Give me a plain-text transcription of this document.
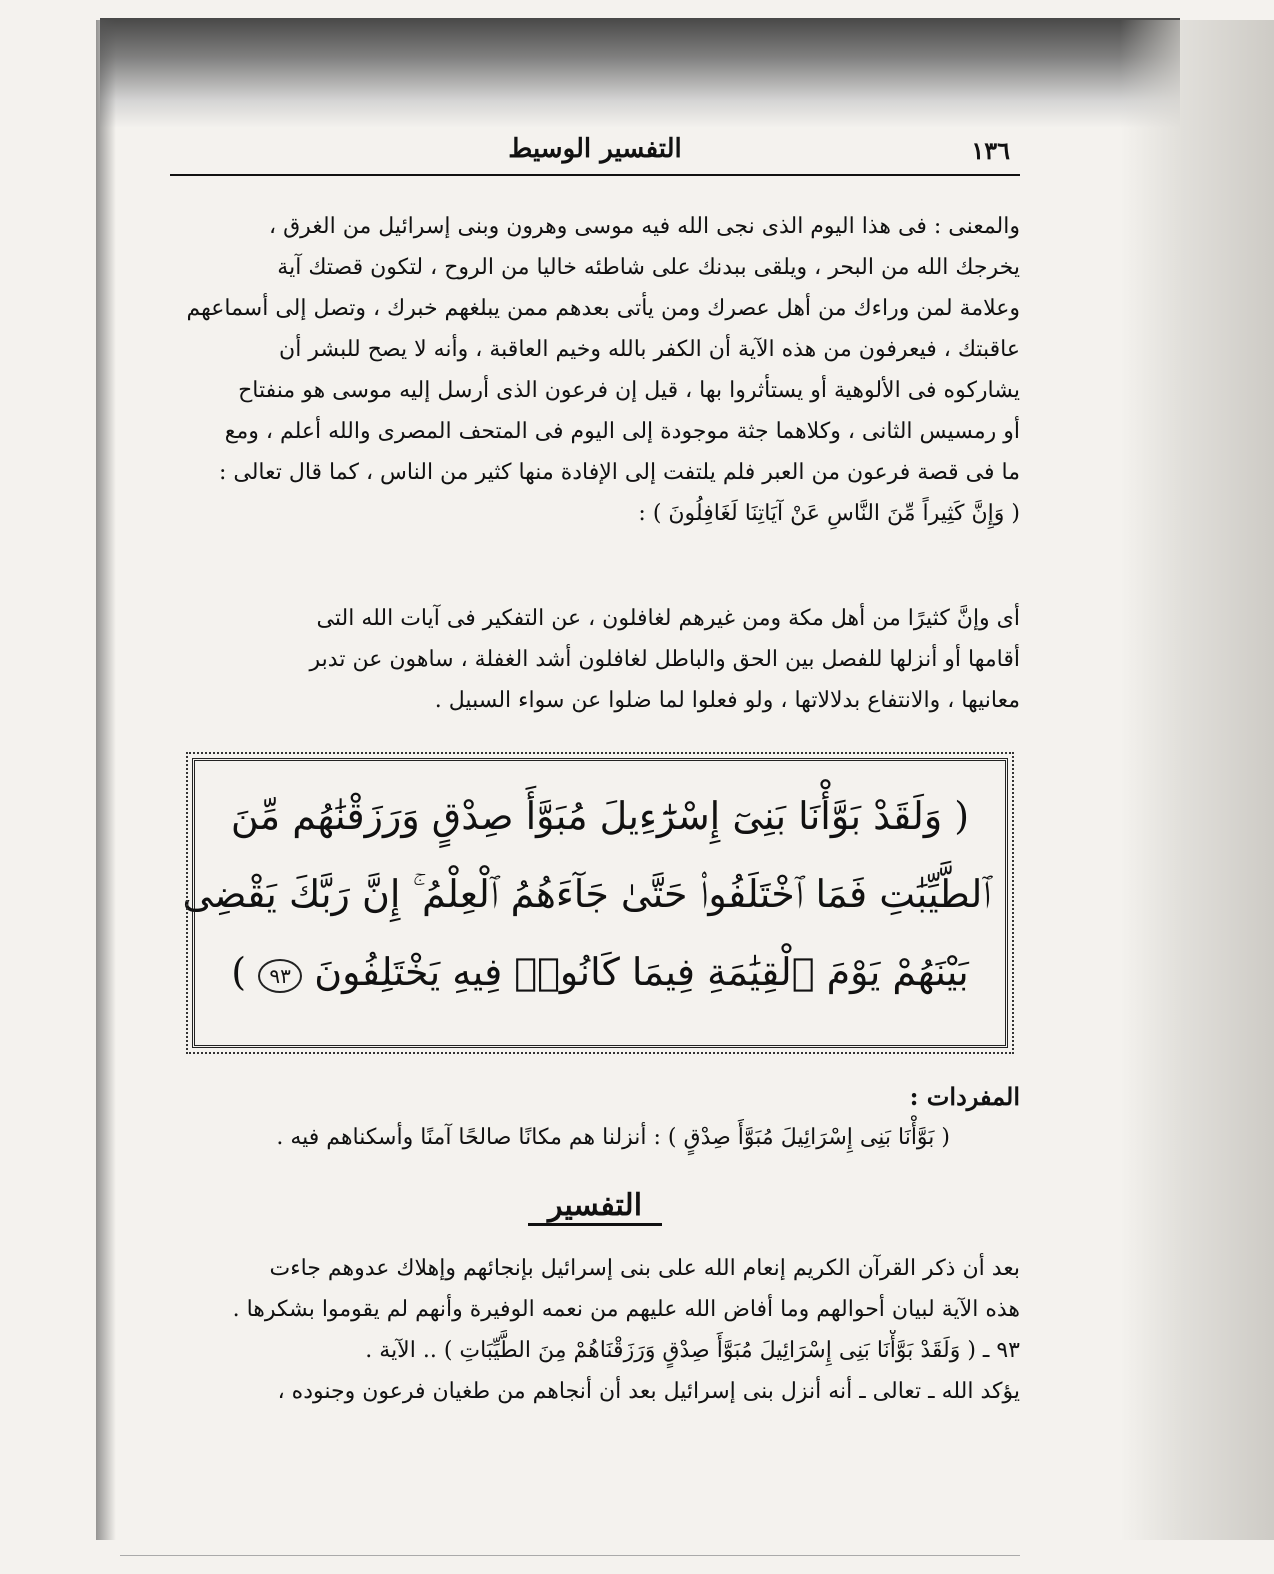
١٣٦
التفسير الوسيط
والمعنى : فى هذا اليوم الذى نجى الله فيه موسى وهرون وبنى إسرائيل من الغرق ،
يخرجك الله من البحر ، ويلقى ببدنك على شاطئه خاليا من الروح ، لتكون قصتك آية
وعلامة لمن وراءك من أهل عصرك ومن يأتى بعدهم ممن يبلغهم خبرك ، وتصل إلى أسماعهم
عاقبتك ، فيعرفون من هذه الآية أن الكفر بالله وخيم العاقبة ، وأنه لا يصح للبشر أن
يشاركوه فى الألوهية أو يستأثروا بها ، قيل إن فرعون الذى أرسل إليه موسى هو منفتاح
أو رمسيس الثانى ، وكلاهما جثة موجودة إلى اليوم فى المتحف المصرى والله أعلم ، ومع
ما فى قصة فرعون من العبر فلم يلتفت إلى الإفادة منها كثير من الناس ، كما قال تعالى :
( وَإِنَّ كَثِيراً مِّنَ النَّاسِ عَنْ آيَاتِنَا لَغَافِلُونَ ) :
أى وإنَّ كثيرًا من أهل مكة ومن غيرهم لغافلون ، عن التفكير فى آيات الله التى
أقامها أو أنزلها للفصل بين الحق والباطل لغافلون أشد الغفلة ، ساهون عن تدبر
معانيها ، والانتفاع بدلالاتها ، ولو فعلوا لما ضلوا عن سواء السبيل .
( وَلَقَدْ بَوَّأْنَا بَنِىٓ إِسْرَٰٓءِيلَ مُبَوَّأَ صِدْقٍ وَرَزَقْنَٰهُم مِّنَ
ٱلطَّيِّبَٰتِ فَمَا ٱخْتَلَفُوا۟ حَتَّىٰ جَآءَهُمُ ٱلْعِلْمُ ۚ إِنَّ رَبَّكَ يَقْضِى
بَيْنَهُمْ يَوْمَ ٱلْقِيَٰمَةِ فِيمَا كَانُوا۟ فِيهِ يَخْتَلِفُونَ ٩٣ )
المفردات :
( بَوَّأْنَا بَنِى إِسْرَائِيلَ مُبَوَّأَ صِدْقٍ ) : أنزلنا هم مكانًا صالحًا آمنًا وأسكناهم فيه .
التفسير
بعد أن ذكر القرآن الكريم إنعام الله على بنى إسرائيل بإنجائهم وإهلاك عدوهم جاءت
هذه الآية لبيان أحوالهم وما أفاض الله عليهم من نعمه الوفيرة وأنهم لم يقوموا بشكرها .
٩٣ ـ ( وَلَقَدْ بَوَّأْنَا بَنِى إِسْرَائِيلَ مُبَوَّأَ صِدْقٍ وَرَزَقْنَاهُمْ مِنَ الطَّيِّبَاتِ ) .. الآية .
يؤكد الله ـ تعالى ـ أنه أنزل بنى إسرائيل بعد أن أنجاهم من طغيان فرعون وجنوده ،
